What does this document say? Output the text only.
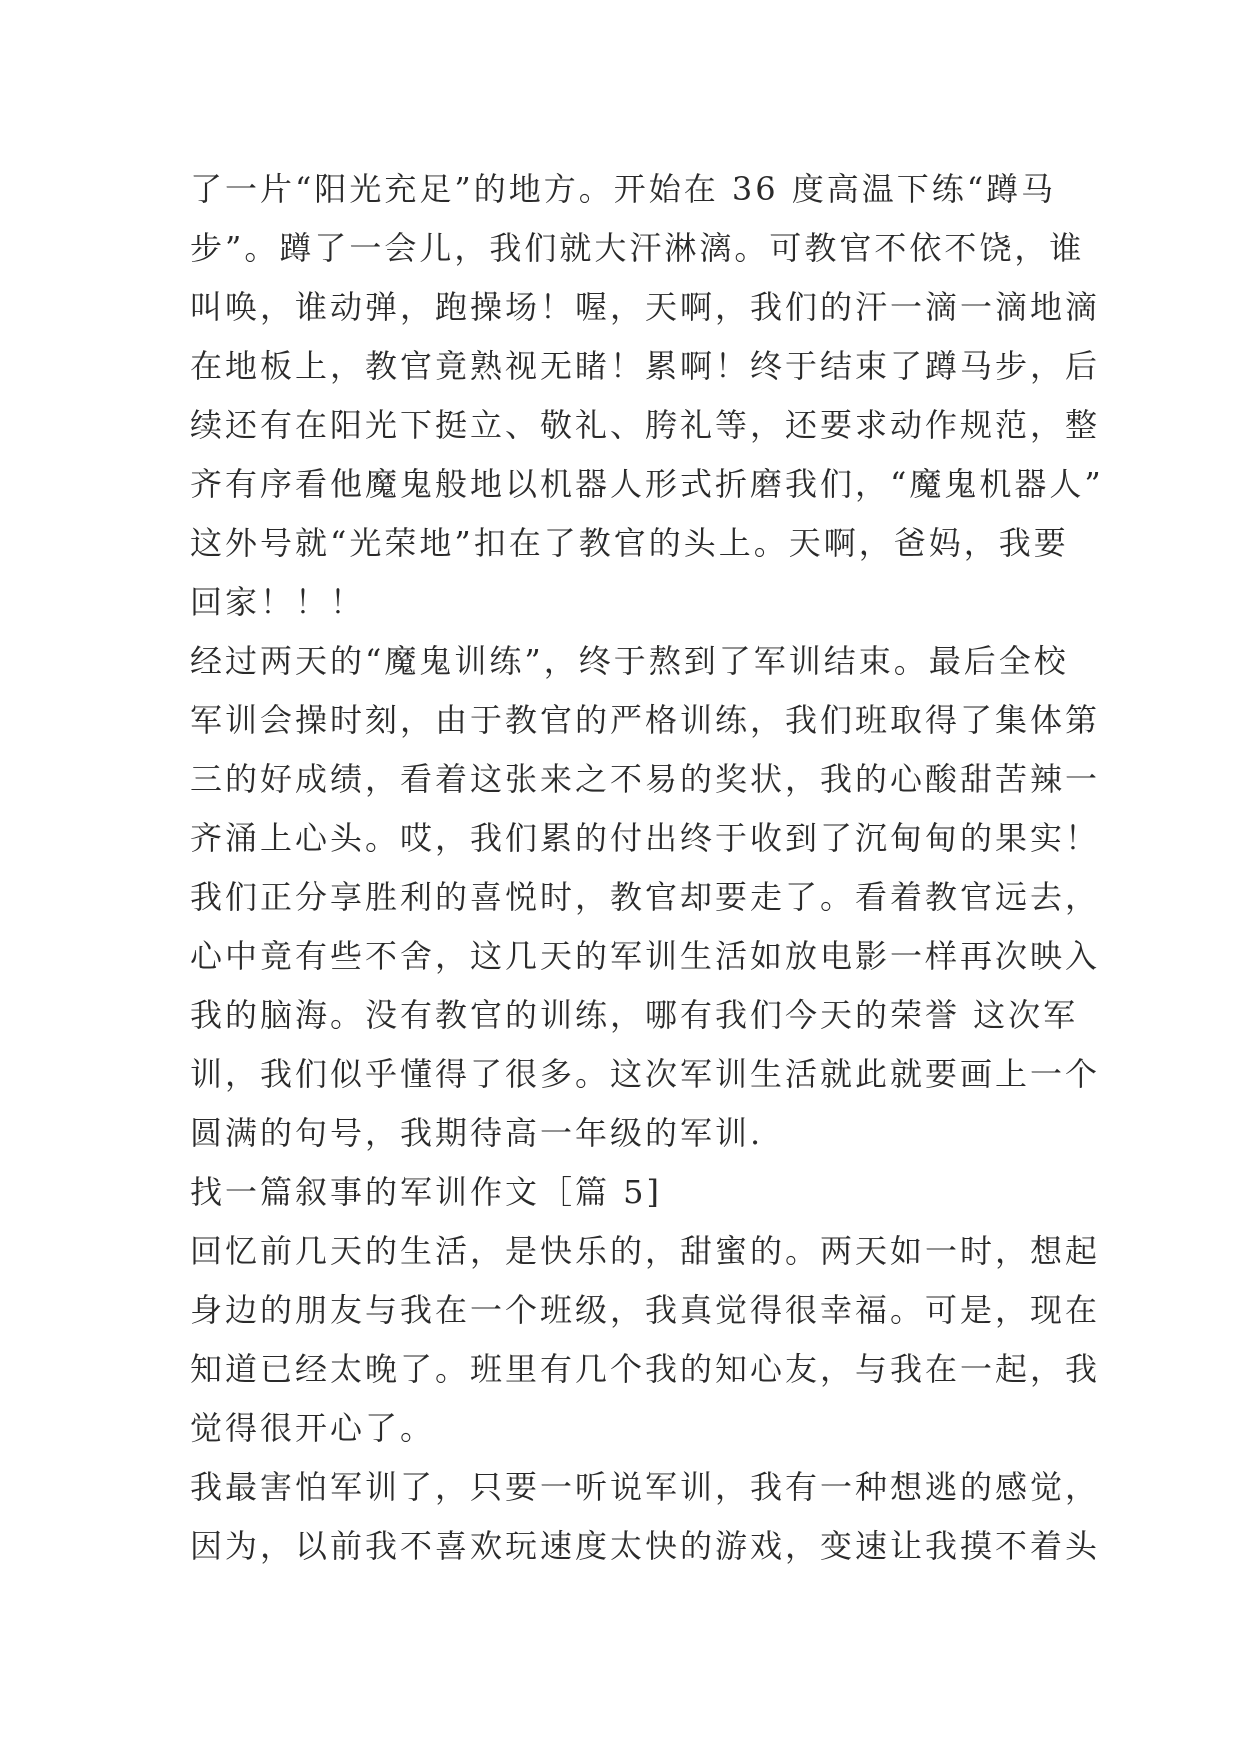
了一片“阳光充足”的地方。开始在 36 度高温下练“蹲马
步”。蹲了一会儿，我们就大汗淋漓。可教官不依不饶，谁
叫唤，谁动弹，跑操场！喔，天啊，我们的汗一滴一滴地滴
在地板上，教官竟熟视无睹！累啊！终于结束了蹲马步，后
续还有在阳光下挺立、敬礼、胯礼等，还要求动作规范，整
齐有序看他魔鬼般地以机器人形式折磨我们，“魔鬼机器人”
这外号就“光荣地”扣在了教官的头上。天啊，爸妈，我要
回家！！！
经过两天的“魔鬼训练”，终于熬到了军训结束。最后全校
军训会操时刻，由于教官的严格训练，我们班取得了集体第
三的好成绩，看着这张来之不易的奖状，我的心酸甜苦辣一
齐涌上心头。哎，我们累的付出终于收到了沉甸甸的果实！
我们正分享胜利的喜悦时，教官却要走了。看着教官远去，
心中竟有些不舍，这几天的军训生活如放电影一样再次映入
我的脑海。没有教官的训练，哪有我们今天的荣誉 这次军
训，我们似乎懂得了很多。这次军训生活就此就要画上一个
圆满的句号，我期待高一年级的军训.
找一篇叙事的军训作文［篇 5]
回忆前几天的生活，是快乐的，甜蜜的。两天如一时，想起
身边的朋友与我在一个班级，我真觉得很幸福。可是，现在
知道已经太晚了。班里有几个我的知心友，与我在一起，我
觉得很开心了。
我最害怕军训了，只要一听说军训，我有一种想逃的感觉，
因为，以前我不喜欢玩速度太快的游戏，变速让我摸不着头
